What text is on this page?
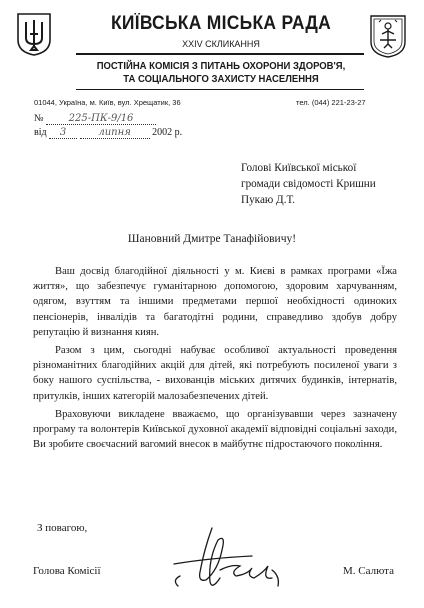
КИЇВСЬКА МІСЬКА РАДА
XXIV СКЛИКАННЯ
ПОСТІЙНА КОМІСІЯ З ПИТАНЬ ОХОРОНИ ЗДОРОВ'Я,
ТА СОЦІАЛЬНОГО ЗАХИСТУ НАСЕЛЕННЯ
01044, Україна, м. Київ, вул. Хрещатик, 36	тел. (044) 221-23-27
№	225-ПК-9/16
від 3	липня 2002 р.
Голові Київської міської
громади свідомості Кришни
Пукаю Д.Т.
Шановний Дмитре Танафійовичу!

Ваш досвід благодійної діяльності у м. Києві в рамках програми «Їжа життя», що забезпечує гуманітарною допомогою, здоровим харчуванням, одягом, взуттям та іншими предметами першої необхідності одиноких пенсіонерів, інвалідів та багатодітні родини, справедливо здобув добру репутацію й визнання киян.

Разом з цим, сьогодні набуває особливої актуальності проведення різноманітних благодійних акцій для дітей, які потребують посиленої уваги з боку нашого суспільства, - вихованців міських дитячих будинків, інтернатів, притулків, інших категорій малозабезпечених дітей.

Враховуючи викладене вважаємо, що організувавши через зазначену програму та волонтерів Київської духовної академії відповідні соціальні заходи, Ви зробите своєчасний вагомий внесок в майбутнє підростаючого покоління.

З повагою,
Голова Комісії	М. Салюта
